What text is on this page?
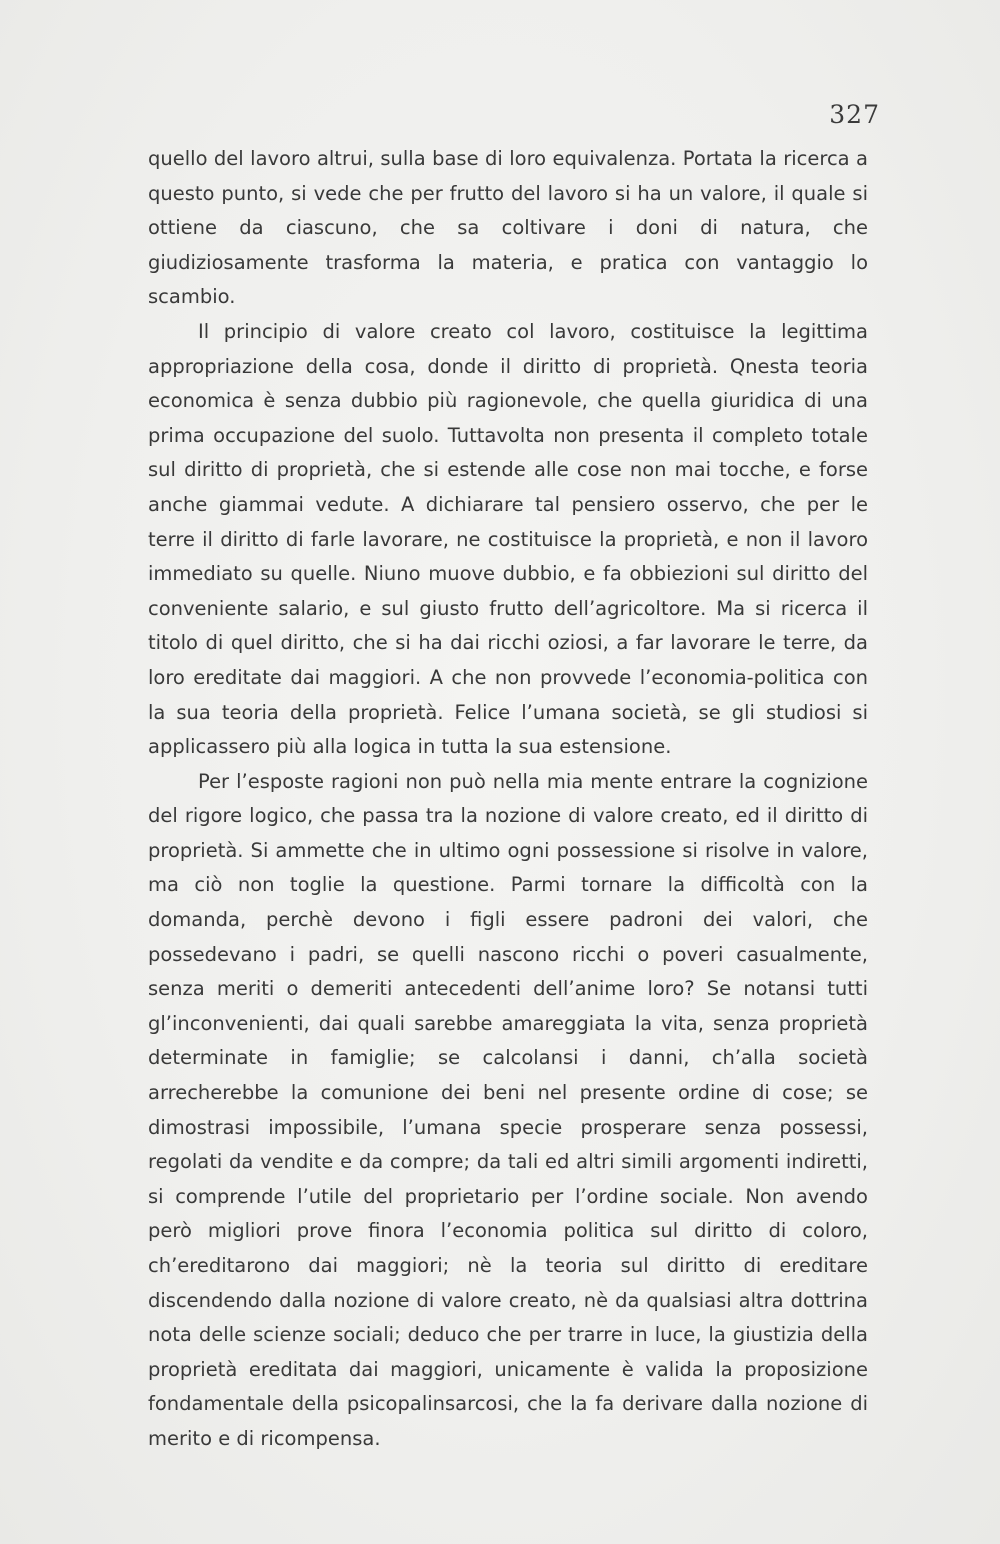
327

quello del lavoro altrui, sulla base di loro equivalenza. Portata la ricerca a questo punto, si vede che per frutto del lavoro si ha un valore, il quale si ottiene da ciascuno, che sa coltivare i doni di natura, che giudiziosamente trasforma la materia, e pratica con vantaggio lo scambio.

Il principio di valore creato col lavoro, costituisce la legittima appropriazione della cosa, donde il diritto di proprietà. Qnesta teoria economica è senza dubbio più ragionevole, che quella giuridica di una prima occupazione del suolo. Tuttavolta non presenta il completo totale sul diritto di proprietà, che si estende alle cose non mai tocche, e forse anche giammai vedute. A dichiarare tal pensiero osservo, che per le terre il diritto di farle lavorare, ne costituisce la proprietà, e non il lavoro immediato su quelle. Niuno muove dubbio, e fa obbiezioni sul diritto del conveniente salario, e sul giusto frutto dell’agricoltore. Ma si ricerca il titolo di quel diritto, che si ha dai ricchi oziosi, a far lavorare le terre, da loro ereditate dai maggiori. A che non provvede l’economia-politica con la sua teoria della proprietà. Felice l’umana società, se gli studiosi si applicassero più alla logica in tutta la sua estensione.

Per l’esposte ragioni non può nella mia mente entrare la cognizione del rigore logico, che passa tra la nozione di valore creato, ed il diritto di proprietà. Si ammette che in ultimo ogni possessione si risolve in valore, ma ciò non toglie la questione. Parmi tornare la difficoltà con la domanda, perchè devono i figli essere padroni dei valori, che possedevano i padri, se quelli nascono ricchi o poveri casualmente, senza meriti o demeriti antecedenti dell’anime loro? Se notansi tutti gl’inconvenienti, dai quali sarebbe amareggiata la vita, senza proprietà determinate in famiglie; se calcolansi i danni, ch’alla società arrecherebbe la comunione dei beni nel presente ordine di cose; se dimostrasi impossibile, l’umana specie prosperare senza possessi, regolati da vendite e da compre; da tali ed altri simili argomenti indiretti, si comprende l’utile del proprietario per l’ordine sociale. Non avendo però migliori prove finora l’economia politica sul diritto di coloro, ch’ereditarono dai maggiori; nè la teoria sul diritto di ereditare discendendo dalla nozione di valore creato, nè da qualsiasi altra dottrina nota delle scienze sociali; deduco che per trarre in luce, la giustizia della proprietà ereditata dai maggiori, unicamente è valida la proposizione fondamentale della psicopalinsarcosi, che la fa derivare dalla nozione di merito e di ricompensa.
